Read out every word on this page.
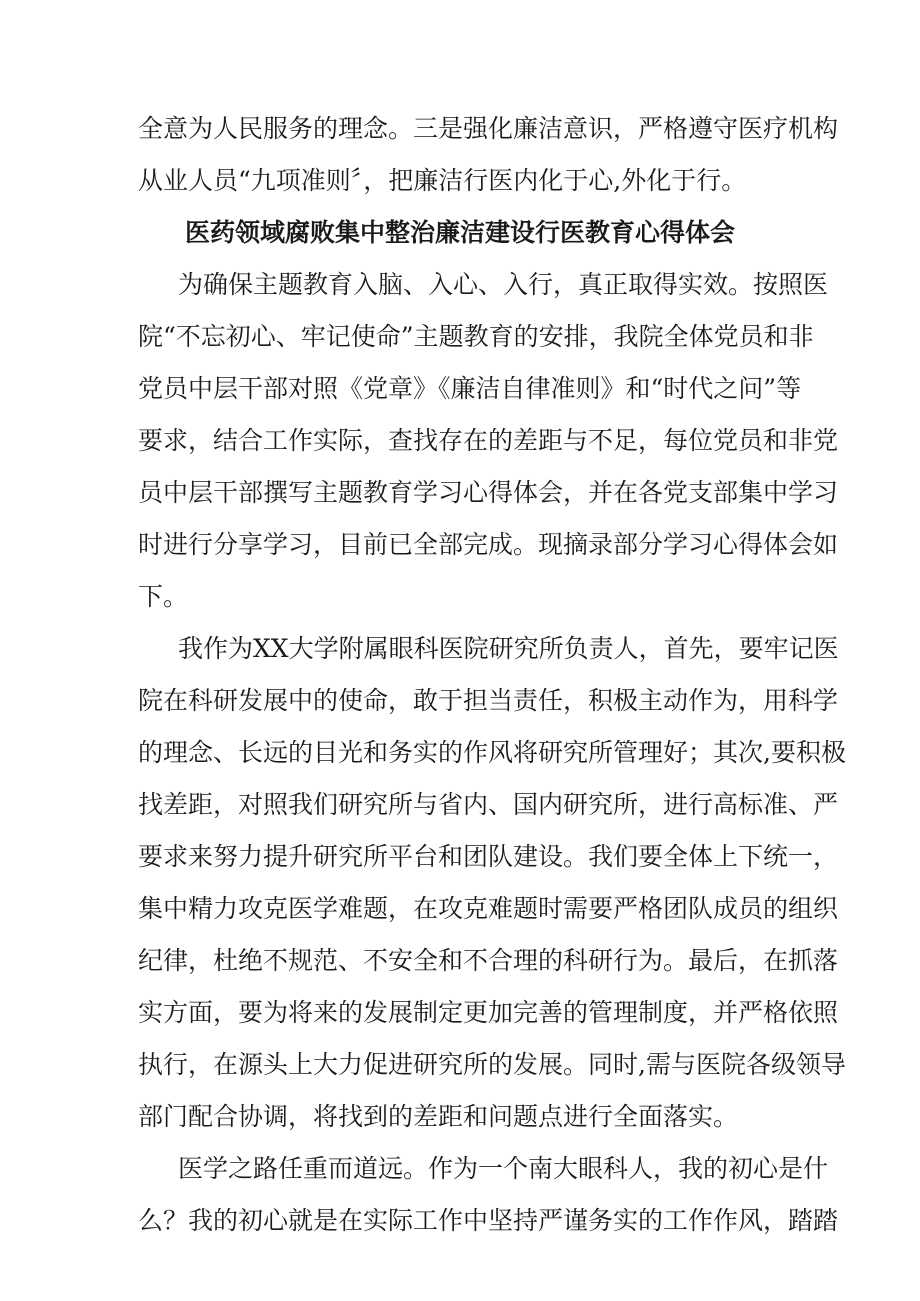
全意为人民服务的理念。三是强化廉洁意识，严格遵守医疗机构
从业人员“九项准则〞，把廉洁行医内化于心,外化于行。
医药领域腐败集中整治廉洁建设行医教育心得体会
为确保主题教育入脑、入心、入行，真正取得实效。按照医
院“不忘初心、牢记使命”主题教育的安排，我院全体党员和非
党员中层干部对照《党章》《廉洁自律准则》和“时代之问”等
要求，结合工作实际，查找存在的差距与不足，每位党员和非党
员中层干部撰写主题教育学习心得体会，并在各党支部集中学习
时进行分享学习，目前已全部完成。现摘录部分学习心得体会如
下。
我作为XX大学附属眼科医院研究所负责人，首先，要牢记医
院在科研发展中的使命，敢于担当责任，积极主动作为，用科学
的理念、长远的目光和务实的作风将研究所管理好；其次,要积极
找差距，对照我们研究所与省内、国内研究所，进行高标准、严
要求来努力提升研究所平台和团队建设。我们要全体上下统一，
集中精力攻克医学难题，在攻克难题时需要严格团队成员的组织
纪律，杜绝不规范、不安全和不合理的科研行为。最后，在抓落
实方面，要为将来的发展制定更加完善的管理制度，并严格依照
执行，在源头上大力促进研究所的发展。同时,需与医院各级领导
部门配合协调，将找到的差距和问题点进行全面落实。
医学之路任重而道远。作为一个南大眼科人，我的初心是什
么？我的初心就是在实际工作中坚持严谨务实的工作作风，踏踏
